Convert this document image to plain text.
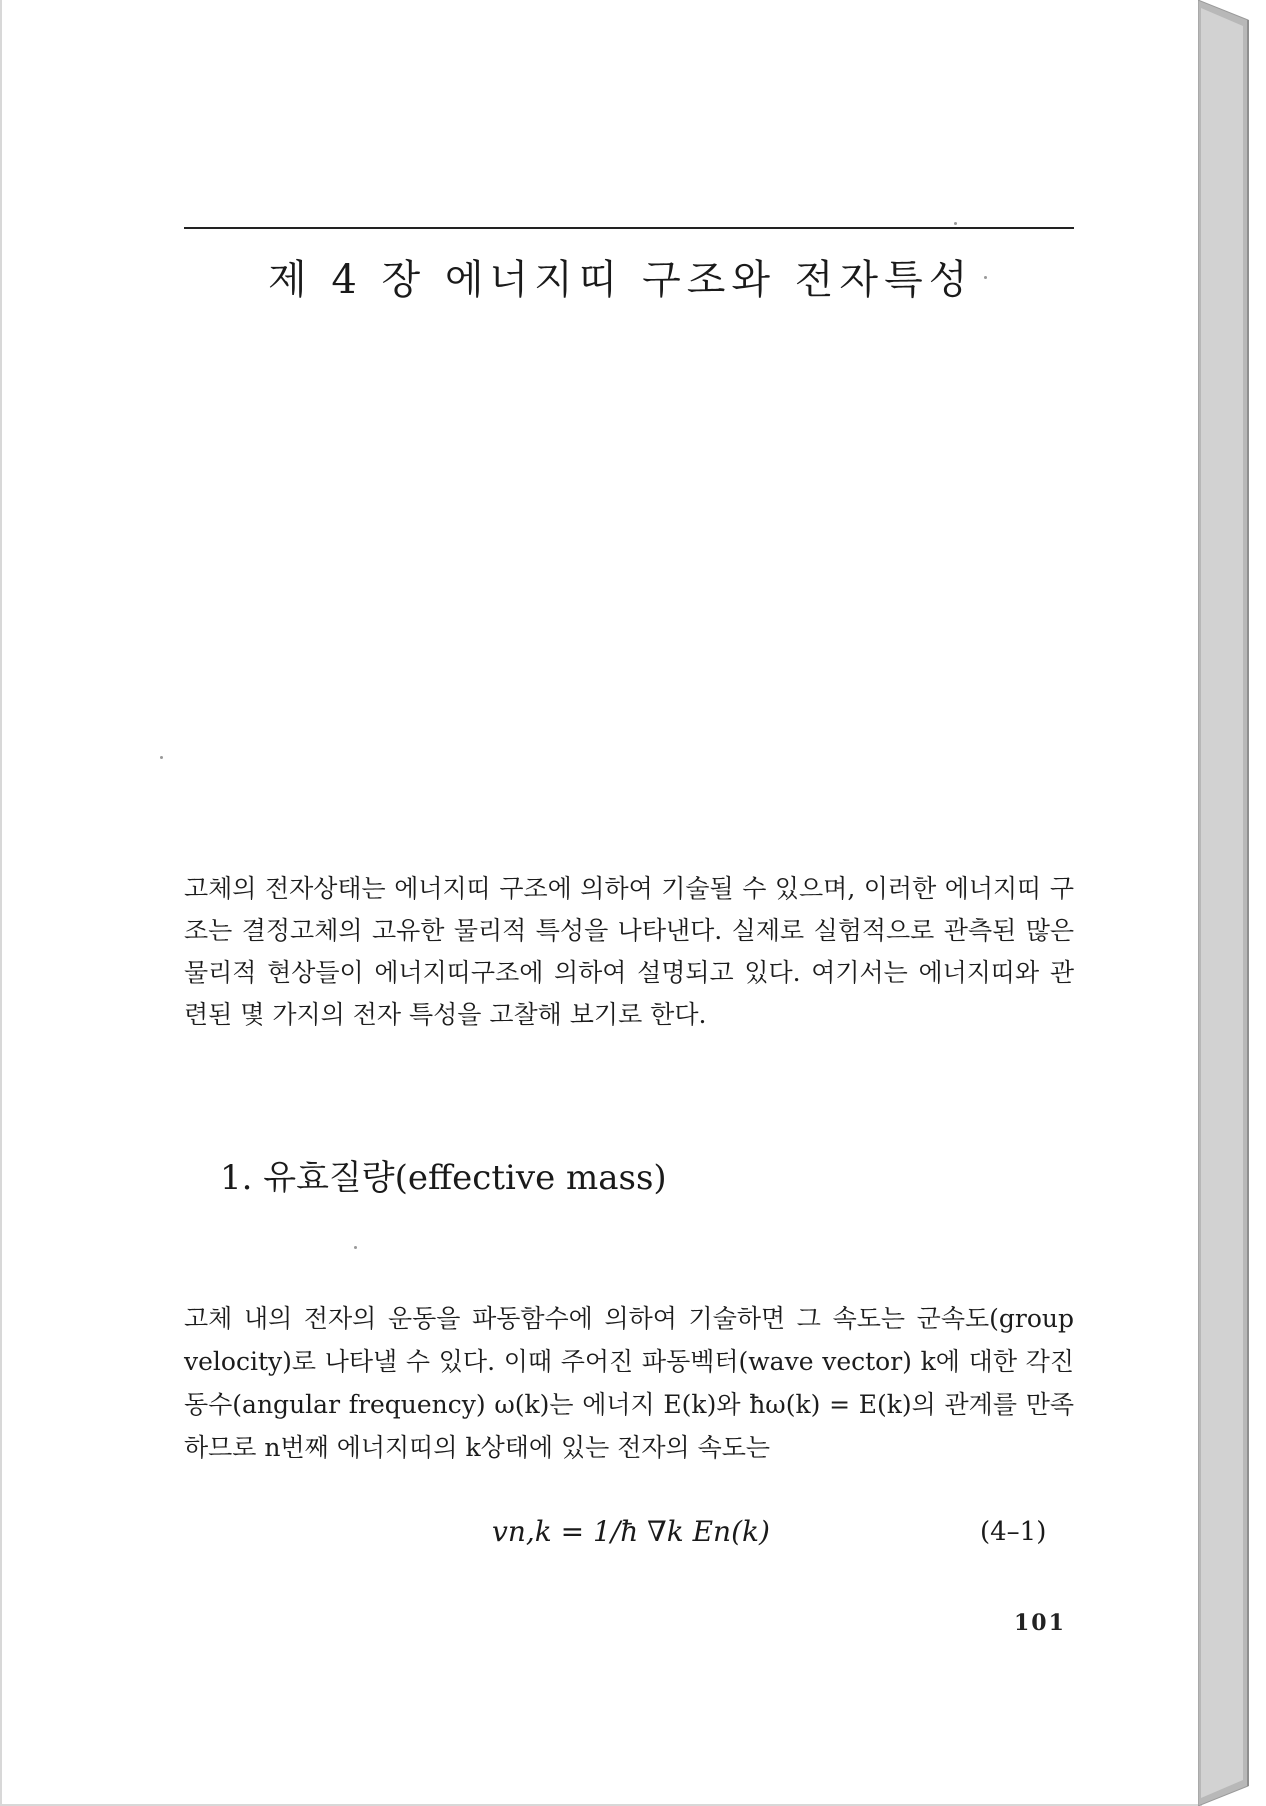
제 4 장 에너지띠 구조와 전자특성

고체의 전자상태는 에너지띠 구조에 의하여 기술될 수 있으며, 이러한 에너지띠 구조는 결정고체의 고유한 물리적 특성을 나타낸다. 실제로 실험적으로 관측된 많은 물리적 현상들이 에너지띠구조에 의하여 설명되고 있다. 여기서는 에너지띠와 관련된 몇 가지의 전자 특성을 고찰해 보기로 한다.

1. 유효질량(effective mass)

고체 내의 전자의 운동을 파동함수에 의하여 기술하면 그 속도는 군속도(group velocity)로 나타낼 수 있다. 이때 주어진 파동벡터(wave vector) k에 대한 각진동수(angular frequency) ω(k)는 에너지 E(k)와 ħω(k) = E(k)의 관계를 만족하므로 n번째 에너지띠의 k상태에 있는 전자의 속도는

vn,k = 1/ħ ∇k En(k)	(4–1)
101
